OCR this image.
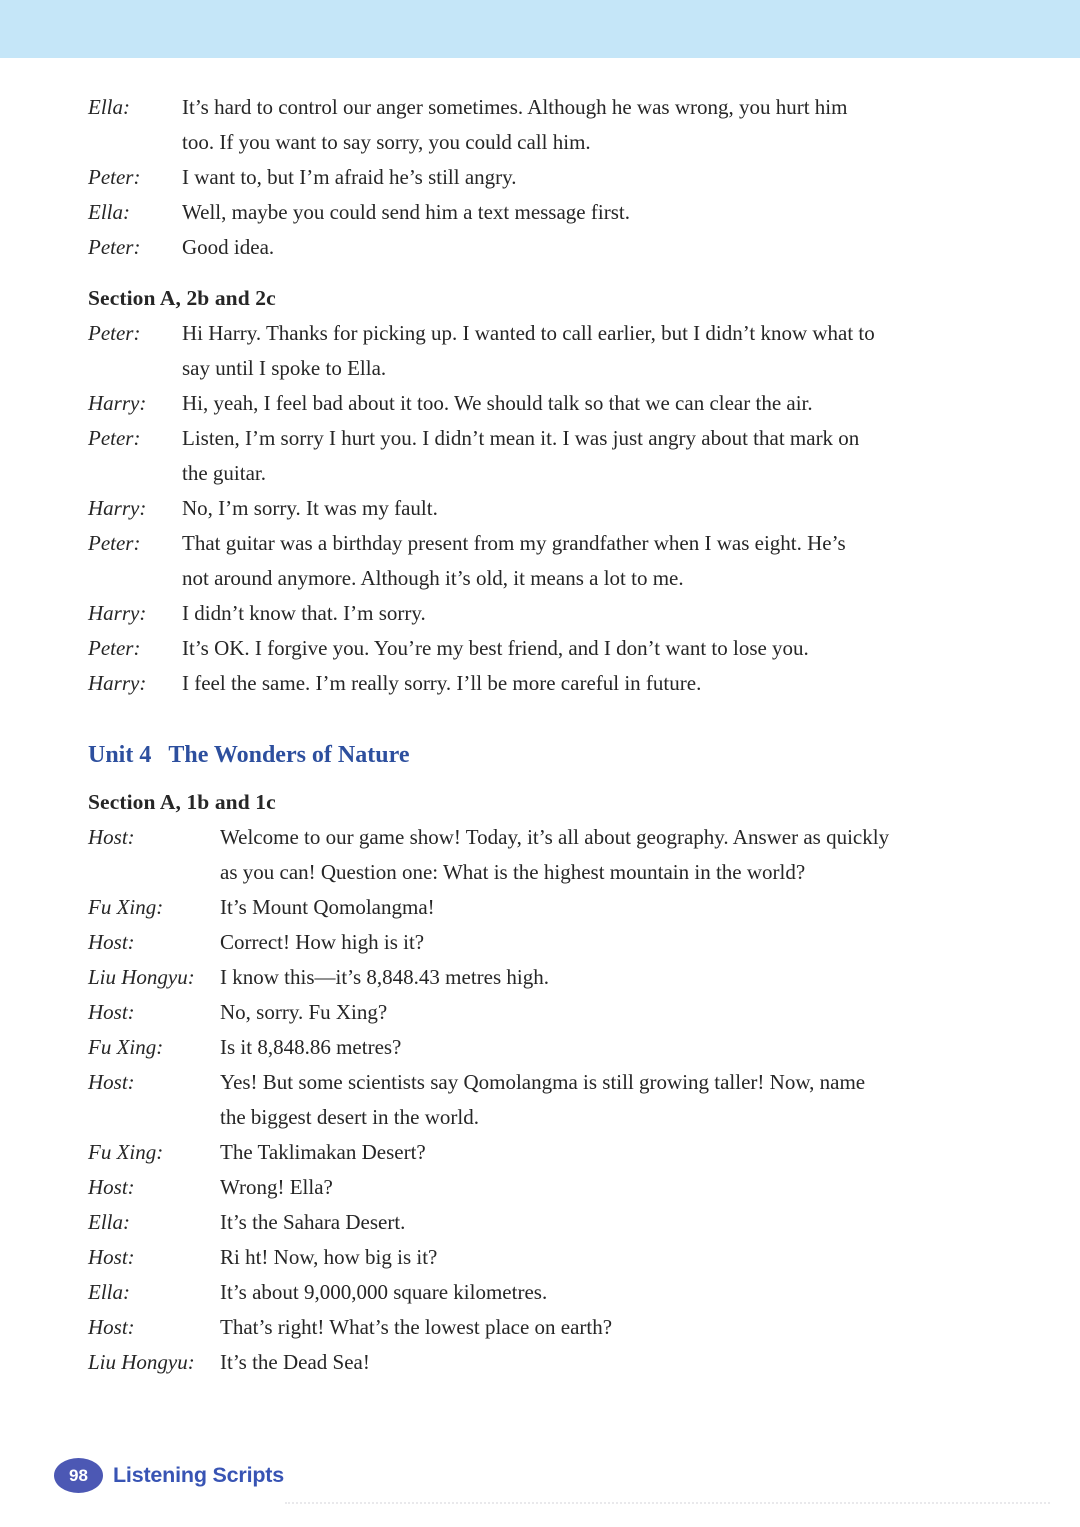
Ella:	It’s hard to control our anger sometimes. Although he was wrong, you hurt him
too. If you want to say sorry, you could call him.
Peter:	I want to, but I’m afraid he’s still angry.
Ella:	Well, maybe you could send him a text message first.
Peter:	Good idea.
Section A, 2b and 2c
Peter:	Hi Harry. Thanks for picking up. I wanted to call earlier, but I didn’t know what to
say until I spoke to Ella.
Harry:	Hi, yeah, I feel bad about it too. We should talk so that we can clear the air.
Peter:	Listen, I’m sorry I hurt you. I didn’t mean it. I was just angry about that mark on
the guitar.
Harry:	No, I’m sorry. It was my fault.
Peter:	That guitar was a birthday present from my grandfather when I was eight. He’s
not around anymore. Although it’s old, it means a lot to me.
Harry:	I didn’t know that. I’m sorry.
Peter:	It’s OK. I forgive you. You’re my best friend, and I don’t want to lose you.
Harry:	I feel the same. I’m really sorry. I’ll be more careful in future.
Unit 4 The Wonders of Nature
Section A, 1b and 1c
Host:	Welcome to our game show! Today, it’s all about geography. Answer as quickly
as you can! Question one: What is the highest mountain in the world?
Fu Xing:	It’s Mount Qomolangma!
Host:	Correct! How high is it?
Liu Hongyu:	I know this—it’s 8,848.43 metres high.
Host:	No, sorry. Fu Xing?
Fu Xing:	Is it 8,848.86 metres?
Host:	Yes! But some scientists say Qomolangma is still growing taller! Now, name
the biggest desert in the world.
Fu Xing:	The Taklimakan Desert?
Host:	Wrong! Ella?
Ella:	It’s the Sahara Desert.
Host:	Ri ht! Now, how big is it?
Ella:	It’s about 9,000,000 square kilometres.
Host:	That’s right! What’s the lowest place on earth?
Liu Hongyu:	It’s the Dead Sea!
98	Listening Scripts
